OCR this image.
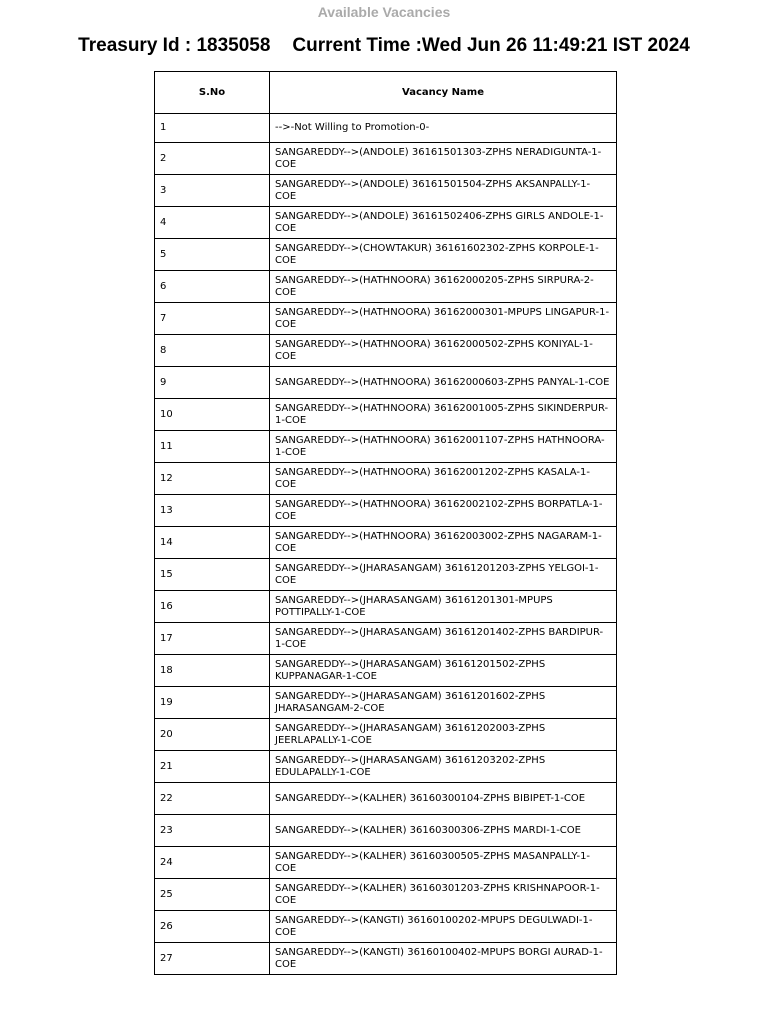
Available Vacancies
Treasury Id : 1835058 Current Time :Wed Jun 26 11:49:21 IST 2024
S.No	Vacancy Name
1	-->-Not Willing to Promotion-0-
2	SANGAREDDY-->(ANDOLE) 36161501303-ZPHS NERADIGUNTA-1-COE
3	SANGAREDDY-->(ANDOLE) 36161501504-ZPHS AKSANPALLY-1-COE
4	SANGAREDDY-->(ANDOLE) 36161502406-ZPHS GIRLS ANDOLE-1-COE
5	SANGAREDDY-->(CHOWTAKUR) 36161602302-ZPHS KORPOLE-1-COE
6	SANGAREDDY-->(HATHNOORA) 36162000205-ZPHS SIRPURA-2-COE
7	SANGAREDDY-->(HATHNOORA) 36162000301-MPUPS LINGAPUR-1-COE
8	SANGAREDDY-->(HATHNOORA) 36162000502-ZPHS KONIYAL-1-COE
9	SANGAREDDY-->(HATHNOORA) 36162000603-ZPHS PANYAL-1-COE
10	SANGAREDDY-->(HATHNOORA) 36162001005-ZPHS SIKINDERPUR-1-COE
11	SANGAREDDY-->(HATHNOORA) 36162001107-ZPHS HATHNOORA-1-COE
12	SANGAREDDY-->(HATHNOORA) 36162001202-ZPHS KASALA-1-COE
13	SANGAREDDY-->(HATHNOORA) 36162002102-ZPHS BORPATLA-1-COE
14	SANGAREDDY-->(HATHNOORA) 36162003002-ZPHS NAGARAM-1-COE
15	SANGAREDDY-->(JHARASANGAM) 36161201203-ZPHS YELGOI-1-COE
16	SANGAREDDY-->(JHARASANGAM) 36161201301-MPUPS POTTIPALLY-1-COE
17	SANGAREDDY-->(JHARASANGAM) 36161201402-ZPHS BARDIPUR-1-COE
18	SANGAREDDY-->(JHARASANGAM) 36161201502-ZPHS KUPPANAGAR-1-COE
19	SANGAREDDY-->(JHARASANGAM) 36161201602-ZPHS JHARASANGAM-2-COE
20	SANGAREDDY-->(JHARASANGAM) 36161202003-ZPHS JEERLAPALLY-1-COE
21	SANGAREDDY-->(JHARASANGAM) 36161203202-ZPHS EDULAPALLY-1-COE
22	SANGAREDDY-->(KALHER) 36160300104-ZPHS BIBIPET-1-COE
23	SANGAREDDY-->(KALHER) 36160300306-ZPHS MARDI-1-COE
24	SANGAREDDY-->(KALHER) 36160300505-ZPHS MASANPALLY-1-COE
25	SANGAREDDY-->(KALHER) 36160301203-ZPHS KRISHNAPOOR-1-COE
26	SANGAREDDY-->(KANGTI) 36160100202-MPUPS DEGULWADI-1-COE
27	SANGAREDDY-->(KANGTI) 36160100402-MPUPS BORGI AURAD-1-COE
